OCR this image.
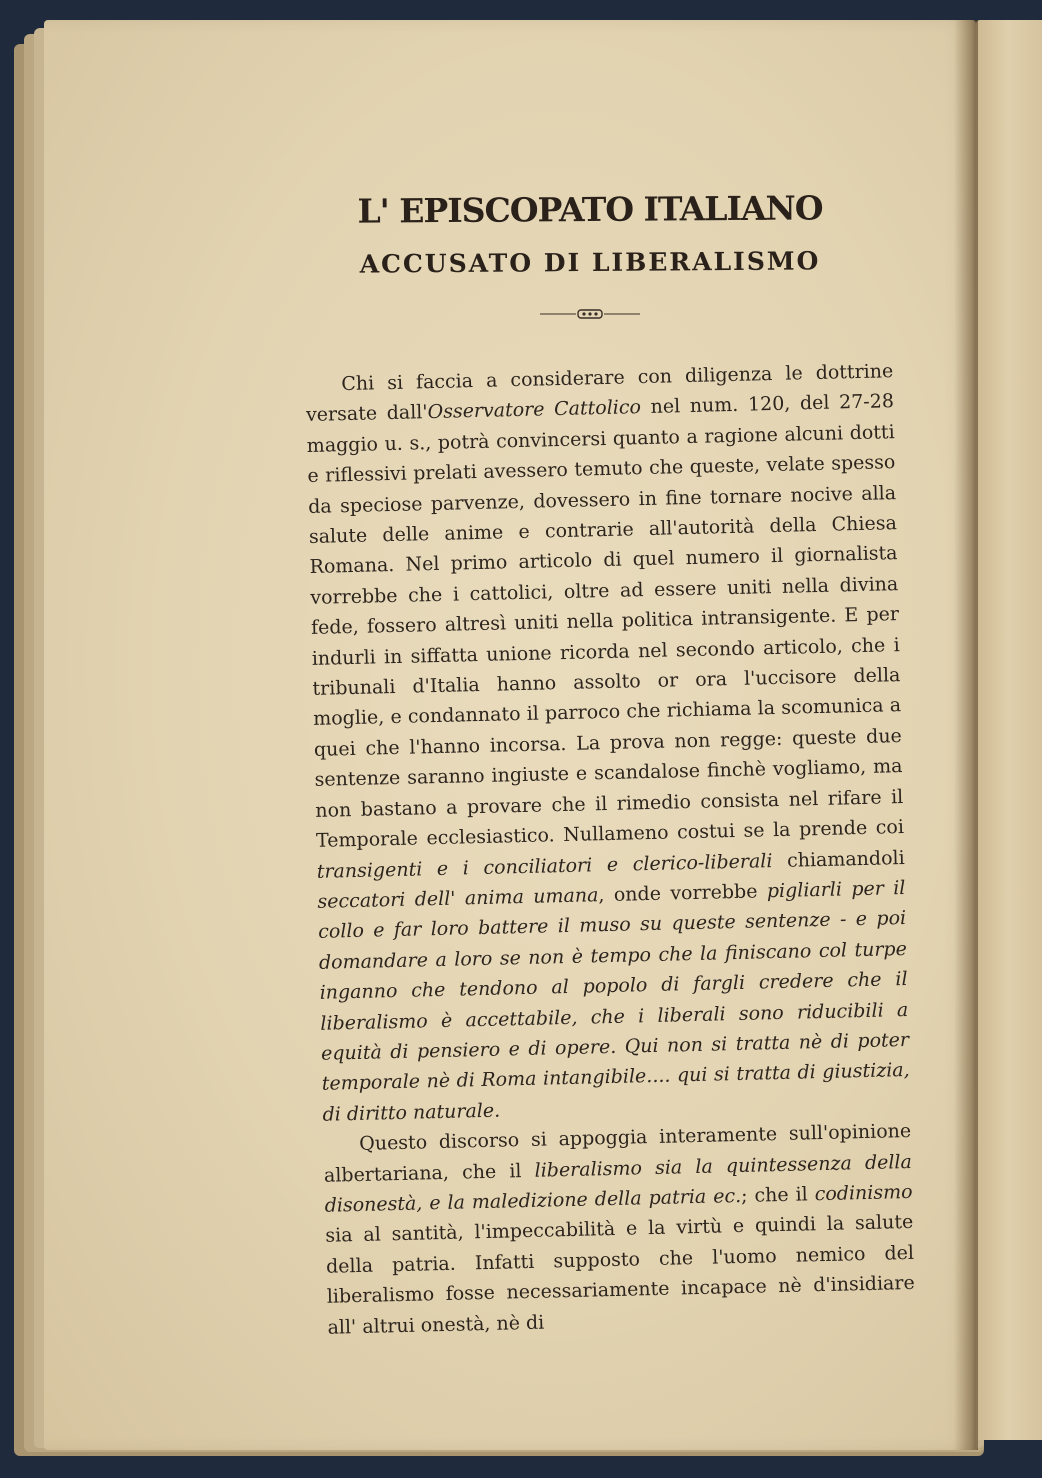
L' EPISCOPATO ITALIANO
ACCUSATO DI LIBERALISMO

Chi si faccia a considerare con diligenza le dottrine versate dall'Osservatore Cattolico nel num. 120, del 27-28 maggio u. s., potrà convincersi quanto a ragione alcuni dotti e riflessivi prelati avessero temuto che queste, velate spesso da speciose parvenze, dovessero in fine tornare nocive alla salute delle anime e contrarie all'autorità della Chiesa Romana. Nel primo articolo di quel numero il giornalista vorrebbe che i cattolici, oltre ad essere uniti nella divina fede, fossero altresì uniti nella politica intransigente. E per indurli in siffatta unione ricorda nel secondo articolo, che i tribunali d'Italia hanno assolto or ora l'uccisore della moglie, e condannato il parroco che richiama la scomunica a quei che l'hanno incorsa. La prova non regge: queste due sentenze saranno ingiuste e scandalose finchè vogliamo, ma non bastano a provare che il rimedio consista nel rifare il Temporale ecclesiastico. Nullameno costui se la prende coi transigenti e i conciliatori e clerico-liberali chiamandoli seccatori dell' anima umana, onde vorrebbe pigliarli per il collo e far loro battere il muso su queste sentenze - e poi domandare a loro se non è tempo che la finiscano col turpe inganno che tendono al popolo di fargli credere che il liberalismo è accettabile, che i liberali sono riducibili a equità di pensiero e di opere. Qui non si tratta nè di poter temporale nè di Roma intangibile.... qui si tratta di giustizia, di diritto naturale.

Questo discorso si appoggia interamente sull'opinione albertariana, che il liberalismo sia la quintessenza della disonestà, e la maledizione della patria ec.; che il codinismo sia al santità, l'impeccabilità e la virtù e quindi la salute della patria. Infatti supposto che l'uomo nemico del liberalismo fosse necessariamente incapace nè d'insidiare all' altrui onestà, nè di
